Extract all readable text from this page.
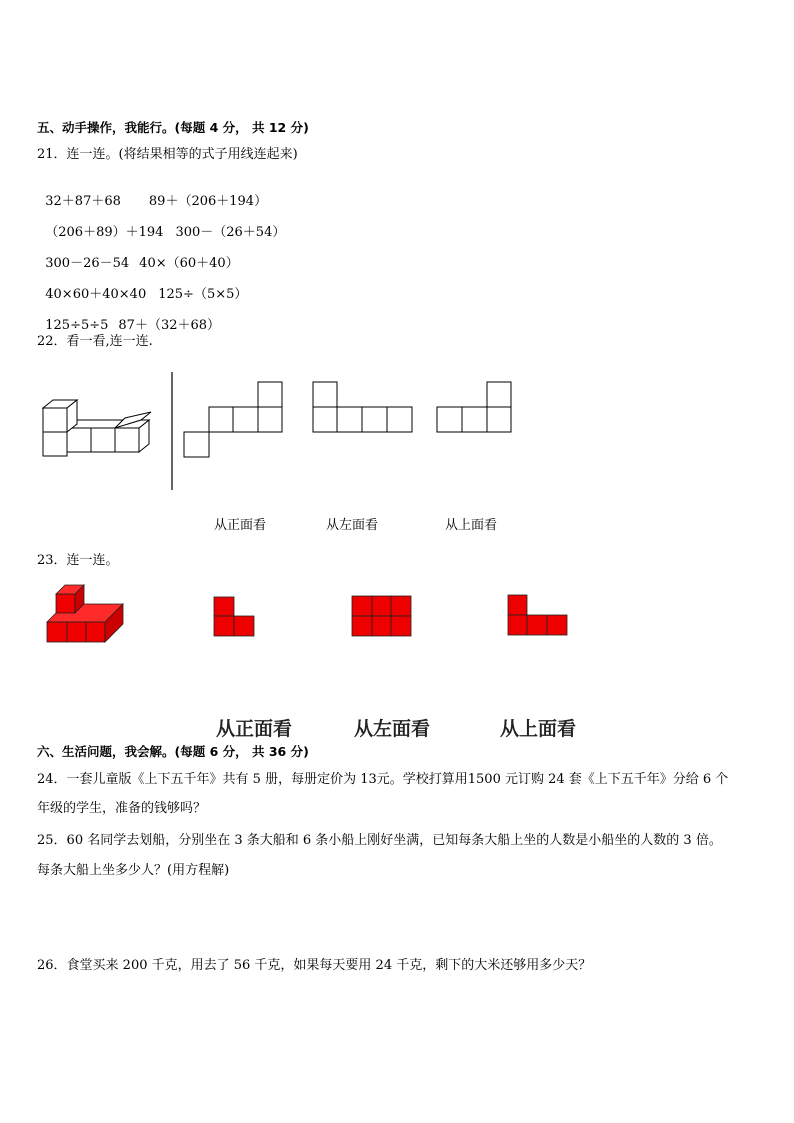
五、动手操作，我能行。(每题 4 分， 共 12 分)
21．连一连。(将结果相等的式子用线连起来)

32＋87＋68 89＋（206＋194）

（206＋89）＋194 300－（26＋54）

300－26－54 40×（60＋40）

40×60＋40×40 125÷（5×5）

125÷5÷5 87＋（32＋68）

22．看一看,连一连.
从正面看	从左面看	从上面看
23．连一连。
从正面看	从左面看	从上面看
六、生活问题，我会解。(每题 6 分， 共 36 分)
24．一套儿童版《上下五千年》共有 5 册，每册定价为 13元。学校打算用1500 元订购 24 套《上下五千年》分给 6 个
年级的学生，准备的钱够吗？
25．60 名同学去划船，分别坐在 3 条大船和 6 条小船上刚好坐满，已知每条大船上坐的人数是小船坐的人数的 3 倍。
每条大船上坐多少人？(用方程解)
26．食堂买来 200 千克，用去了 56 千克，如果每天要用 24 千克，剩下的大米还够用多少天？
